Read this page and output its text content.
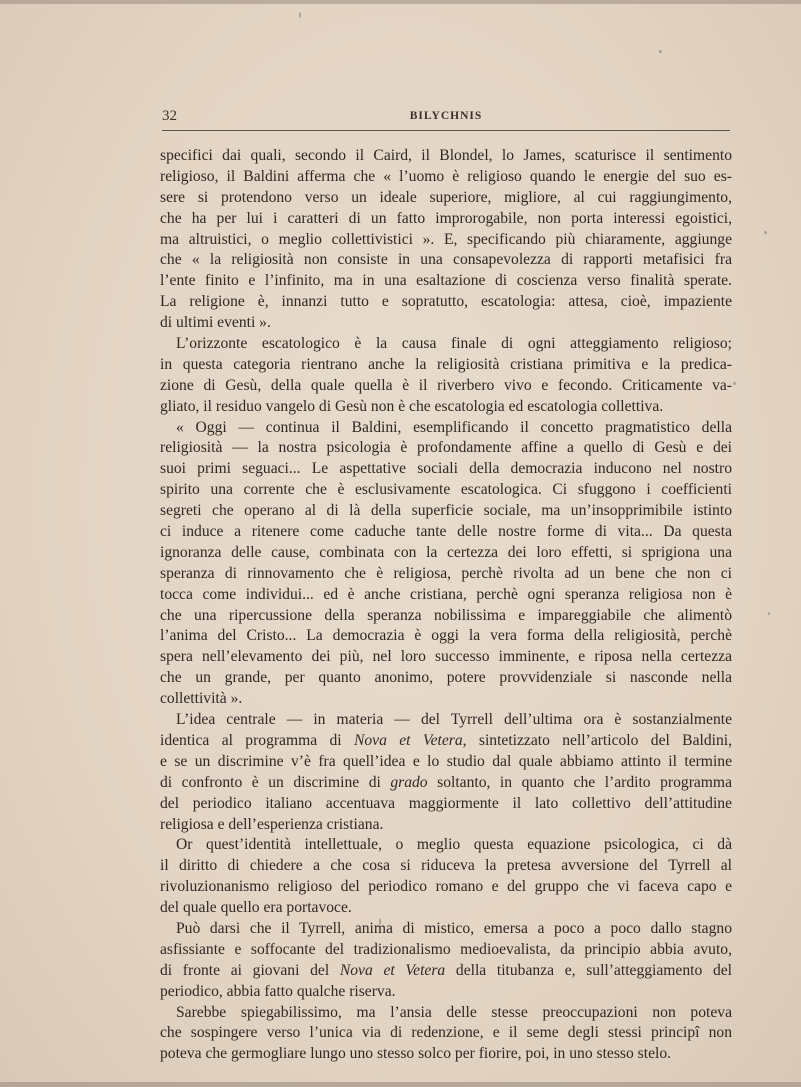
32	BILYCHNIS
specifici dai quali, secondo il Caird, il Blondel, lo James, scaturisce il sentimento
religioso, il Baldini afferma che « l’uomo è religioso quando le energie del suo es-
sere si protendono verso un ideale superiore, migliore, al cui raggiungimento,
che ha per lui i caratteri di un fatto improrogabile, non porta interessi egoistici,
ma altruistici, o meglio collettivistici ». E, specificando più chiaramente, aggiunge
che « la religiosità non consiste in una consapevolezza di rapporti metafisici fra
l’ente finito e l’infinito, ma in una esaltazione di coscienza verso finalità sperate.
La religione è, innanzi tutto e sopratutto, escatologia: attesa, cioè, impaziente
di ultimi eventi ».
L’orizzonte escatologico è la causa finale di ogni atteggiamento religioso;
in questa categoria rientrano anche la religiosità cristiana primitiva e la predica-
zione di Gesù, della quale quella è il riverbero vivo e fecondo. Criticamente va-
gliato, il residuo vangelo di Gesù non è che escatologia ed escatologia collettiva.
« Oggi — continua il Baldini, esemplificando il concetto pragmatistico della
religiosità — la nostra psicologia è profondamente affine a quello di Gesù e dei
suoi primi seguaci... Le aspettative sociali della democrazia inducono nel nostro
spirito una corrente che è esclusivamente escatologica. Ci sfuggono i coefficienti
segreti che operano al di là della superficie sociale, ma un’insopprimibile istinto
ci induce a ritenere come caduche tante delle nostre forme di vita... Da questa
ignoranza delle cause, combinata con la certezza dei loro effetti, si sprigiona una
speranza di rinnovamento che è religiosa, perchè rivolta ad un bene che non ci
tocca come individui... ed è anche cristiana, perchè ogni speranza religiosa non è
che una ripercussione della speranza nobilissima e impareggiabile che alimentò
l’anima del Cristo... La democrazia è oggi la vera forma della religiosità, perchè
spera nell’elevamento dei più, nel loro successo imminente, e riposa nella certezza
che un grande, per quanto anonimo, potere provvidenziale si nasconde nella
collettività ».
L’idea centrale — in materia — del Tyrrell dell’ultima ora è sostanzialmente
identica al programma di Nova et Vetera, sintetizzato nell’articolo del Baldini,
e se un discrimine v’è fra quell’idea e lo studio dal quale abbiamo attinto il termine
di confronto è un discrimine di grado soltanto, in quanto che l’ardito programma
del periodico italiano accentuava maggiormente il lato collettivo dell’attitudine
religiosa e dell’esperienza cristiana.
Or quest’identità intellettuale, o meglio questa equazione psicologica, ci dà
il diritto di chiedere a che cosa si riduceva la pretesa avversione del Tyrrell al
rivoluzionanismo religioso del periodico romano e del gruppo che vi faceva capo e
del quale quello era portavoce.
Può darsi che il Tyrrell, anima di mistico, emersa a poco a poco dallo stagno
asfissiante e soffocante del tradizionalismo medioevalista, da principio abbia avuto,
di fronte ai giovani del Nova et Vetera della titubanza e, sull’atteggiamento del
periodico, abbia fatto qualche riserva.
Sarebbe spiegabilissimo, ma l’ansia delle stesse preoccupazioni non poteva
che sospingere verso l’unica via di redenzione, e il seme degli stessi principî non
poteva che germogliare lungo uno stesso solco per fiorire, poi, in uno stesso stelo.
